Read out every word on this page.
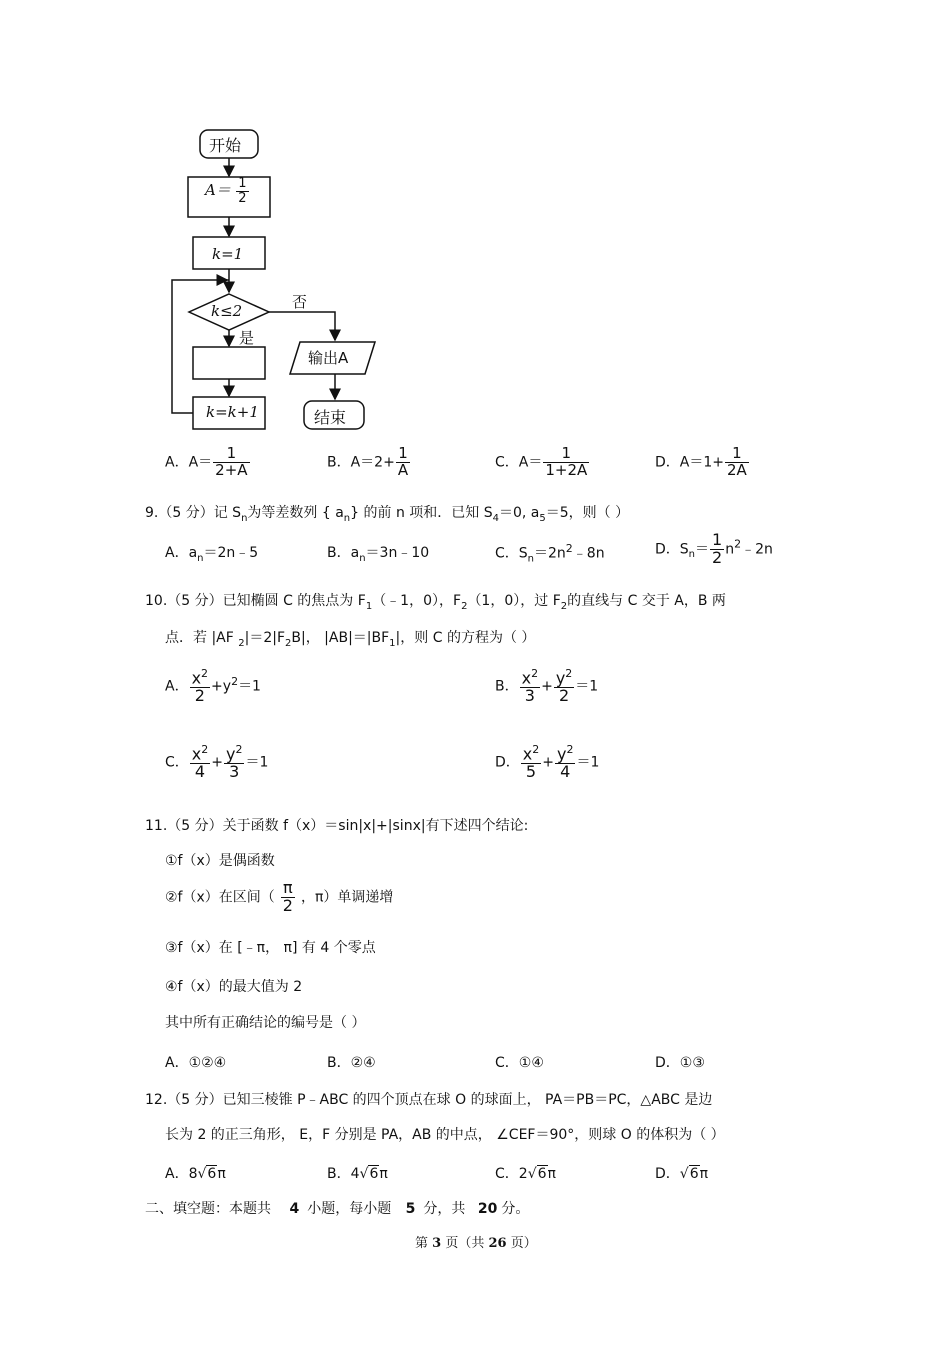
开始
$A= \frac{1}{2}$
k=1
k≤2	否
是
输出A
k=k+1	结束
A．$A= \frac{1}{2+A}$	B．$A=2+ \frac{1}{A}$	C．$A= \frac{1}{1+2A}$	D．$A=1+ \frac{1}{2A}$
9.（5 分）记 $S_n$为等差数列 { $a_n$} 的前 n 项和．已知 $S_4=0$, $a_5=5$，则（ ）
A．$a_n=2n﹣5$	B．$a_n=3n﹣10$	C．$S_n=2n^2﹣8n$	D．$S_n= \frac{1}{2}$ $n^2﹣2n$
10.（5 分）已知椭圆 C 的焦点为 $F_1(﹣1$，0），$F_2(1$，0），过 $F_2$的直线与 C 交于 A，B 两
点．若 |AF $_2|=2|F_2B|$， $|AB|=|BF_1|$，则 C 的方程为（ ）
A． $\frac{x^2}{2} +y^2=1$	B． $\frac{x^2}{3} + \frac{y^2}{2} =1$
C． $\frac{x^2}{4} + \frac{y^2}{3} =1$	D． $\frac{x^2}{5} + \frac{y^2}{4} =1$
11.（5 分）关于函数 f（x）＝sin|x|+|sinx|有下述四个结论:
①f（x）是偶函数
②f（x）在区间（ $\frac{\pi}{2}$ ，π）单调递增
③f（x）在 [﹣π， π] 有 4 个零点
④f（x）的最大值为 2
其中所有正确结论的编号是（ ）
A．①②④	B．②④	C．①④	D．①③
12.（5 分）已知三棱锥 P﹣ABC 的四个顶点在球 O 的球面上， PA＝PB＝PC，△ABC 是边
长为 2 的正三角形， E，F 分别是 PA，AB 的中点， ∠CEF＝90°，则球 O 的体积为（ ）
A．8√6π	B．4√6π	C．2√6π	D．√6π
二、填空题：本题共 4 小题，每小题 5 分，共 20 分。
第 3 页（共 26 页）
